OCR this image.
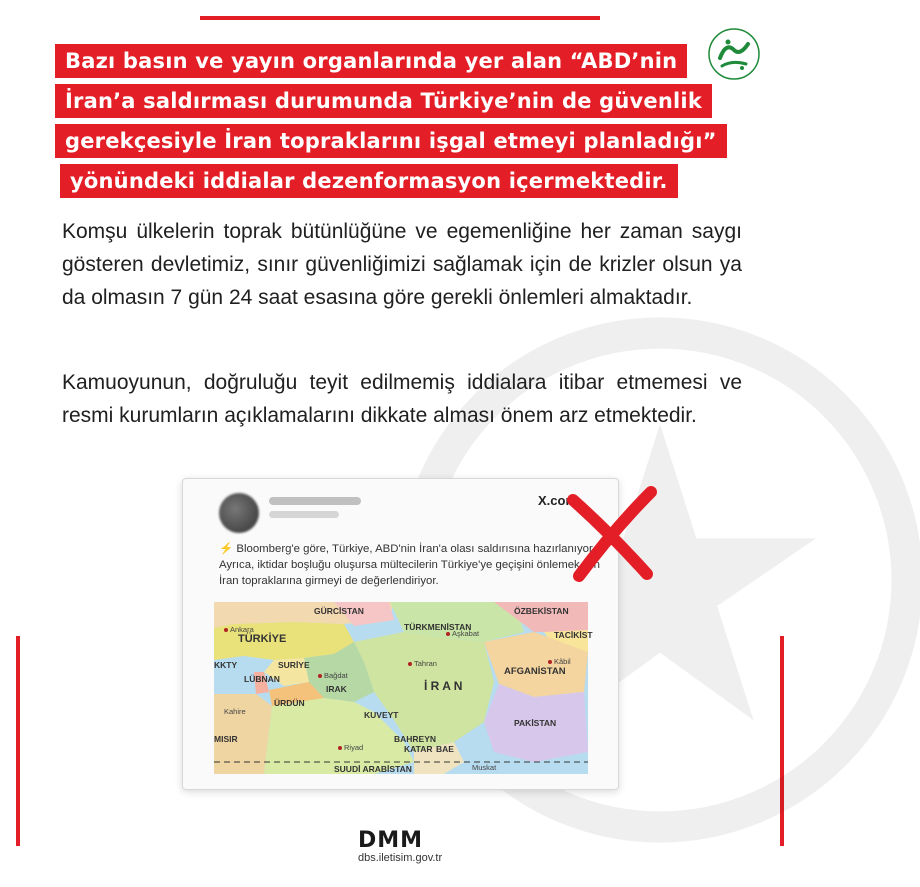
Bazı basın ve yayın organlarında yer alan “ABD’nin
İran’a saldırması durumunda Türkiye’nin de güvenlik
gerekçesiyle İran topraklarını işgal etmeyi planladığı”
yönündeki iddialar dezenformasyon içermektedir.

Komşu ülkelerin toprak bütünlüğüne ve egemenliğine her zaman saygı gösteren devletimiz, sınır güvenliğimizi sağlamak için de krizler olsun ya da olmasın 7 gün 24 saat esasına göre gerekli önlemleri almaktadır.

Kamuoyunun, doğruluğu teyit edilmemiş iddialara itibar etmemesi ve resmi kurumların açıklamalarını dikkate alması önem arz etmektedir.

X.com

⚡ Bloomberg'e göre, Türkiye, ABD'nin İran'a olası saldırısına hazırlanıyor. Ayrıca, iktidar boşluğu oluşursa mültecilerin Türkiye'ye geçişini önlemek için İran topraklarına girmeyi de değerlendiriyor.

GÜRCİSTAN	ÖZBEKİSTAN
TÜRKİYE
TÜRKMENİSTAN
TACİKİST
SURİYE
KKTY
LÜBNAN
AFGANİSTAN
IRAK	İ R A N
ÜRDÜN
KUVEYT
PAKİSTAN
MISIR	BAHREYN
KATAR BAE
SUUDİ ARABİSTAN
Ankara	Aşkabat
Tahran	Kâbil
Bağdat
Riyad
Muskat
Kahire
DMM
dbs.iletisim.gov.tr
